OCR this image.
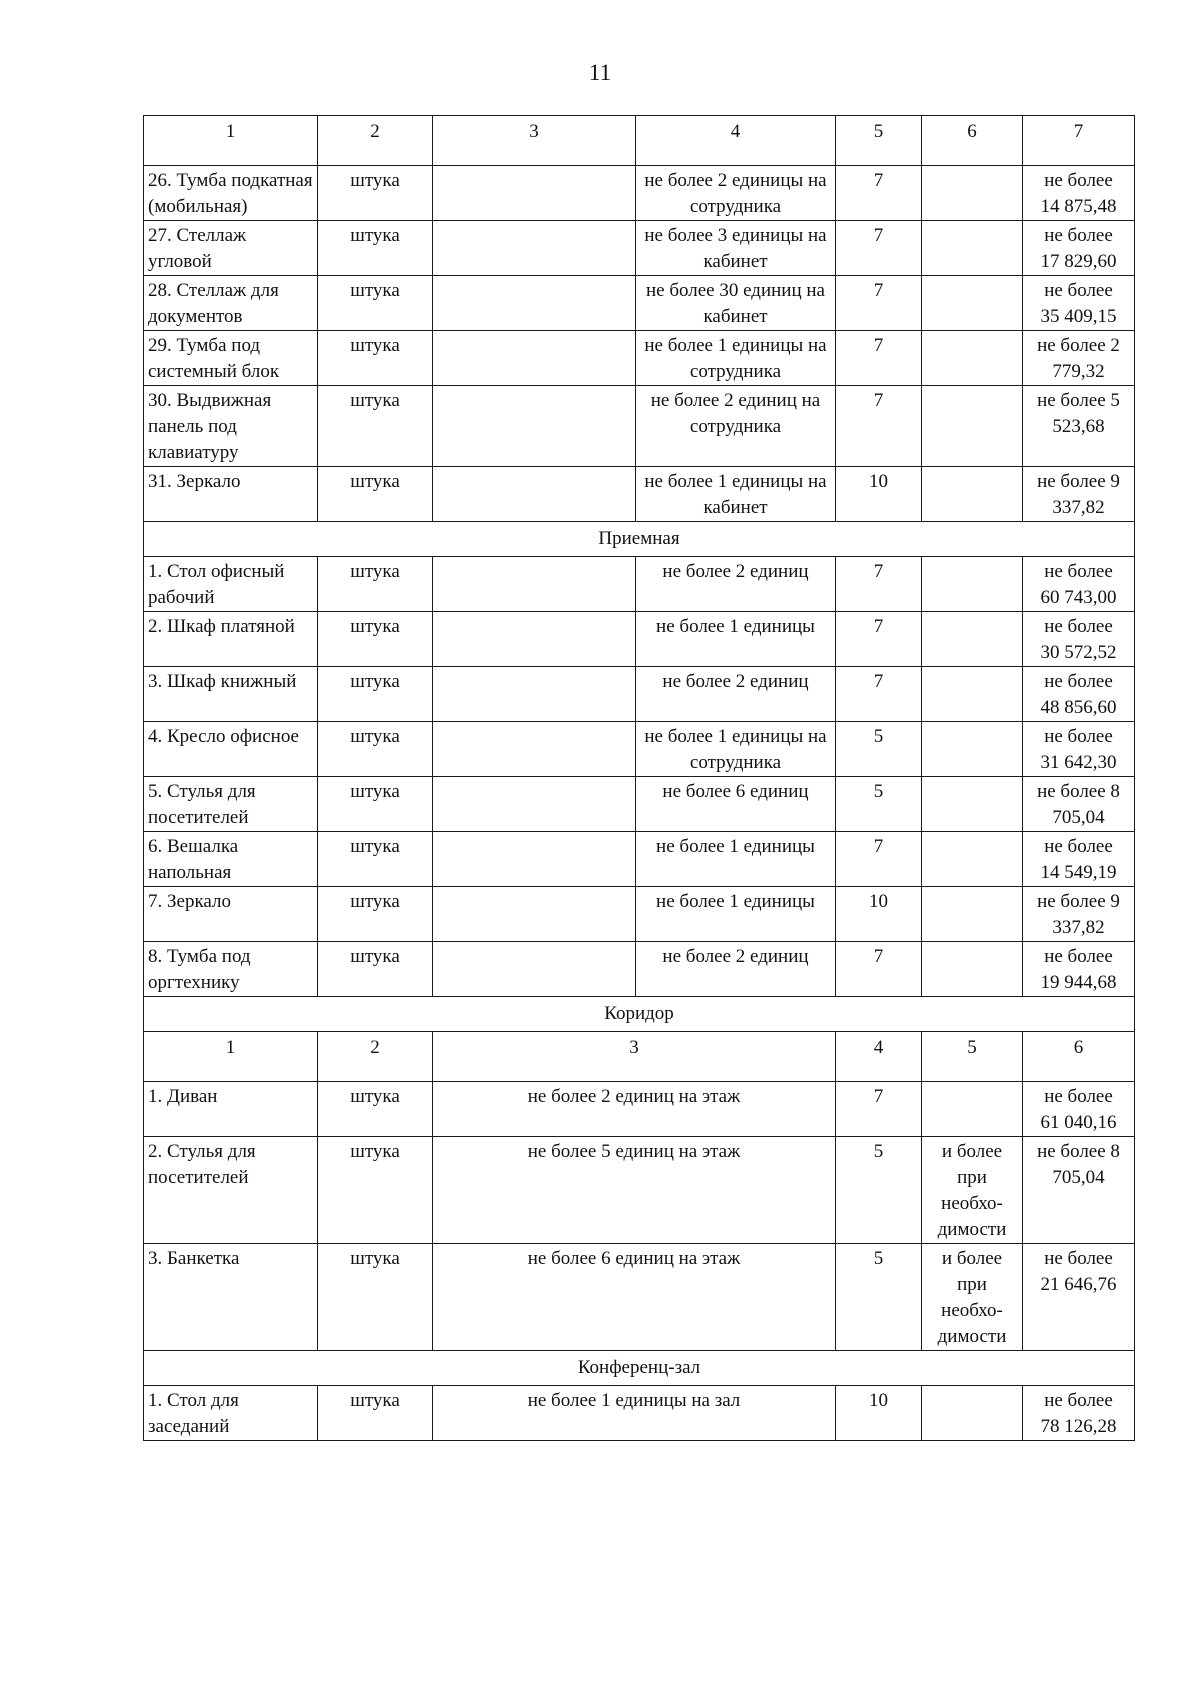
11
1	2	3	4	5	6	7
26. Тумба подкатная (мобильная)	штука		не более 2 единицы на сотрудника	7		не более 14 875,48
27. Стеллаж угловой	штука		не более 3 единицы на кабинет	7		не более 17 829,60
28. Стеллаж для документов	штука		не более 30 единиц на кабинет	7		не более 35 409,15
29. Тумба под системный блок	штука		не более 1 единицы на сотрудника	7		не более 2 779,32
30. Выдвижная панель под клавиатуру	штука		не более 2 единиц на сотрудника	7		не более 5 523,68
31. Зеркало	штука		не более 1 единицы на кабинет	10		не более 9 337,82
Приемная						
1. Стол офисный рабочий	штука		не более 2 единиц	7		не более 60 743,00
2. Шкаф платяной	штука		не более 1 единицы	7		не более 30 572,52
3. Шкаф книжный	штука		не более 2 единиц	7		не более 48 856,60
4. Кресло офисное	штука		не более 1 единицы на сотрудника	5		не более 31 642,30
5. Стулья для посетителей	штука		не более 6 единиц	5		не более 8 705,04
6. Вешалка напольная	штука		не более 1 единицы	7		не более 14 549,19
7. Зеркало	штука		не более 1 единицы	10		не более 9 337,82
8. Тумба под оргтехнику	штука		не более 2 единиц	7		не более 19 944,68
Коридор						
1	2	3	4	5	6
1. Диван	штука	не более 2 единиц на этаж	7		не более 61 040,16
2. Стулья для посетителей	штука	не более 5 единиц на этаж	5	и более при необхо-димости	не более 8 705,04
3. Банкетка	штука	не более 6 единиц на этаж	5	и более при необхо-димости	не более 21 646,76
Конференц-зал					
1. Стол для заседаний	штука	не более 1 единицы на зал	10		не более 78 126,28
